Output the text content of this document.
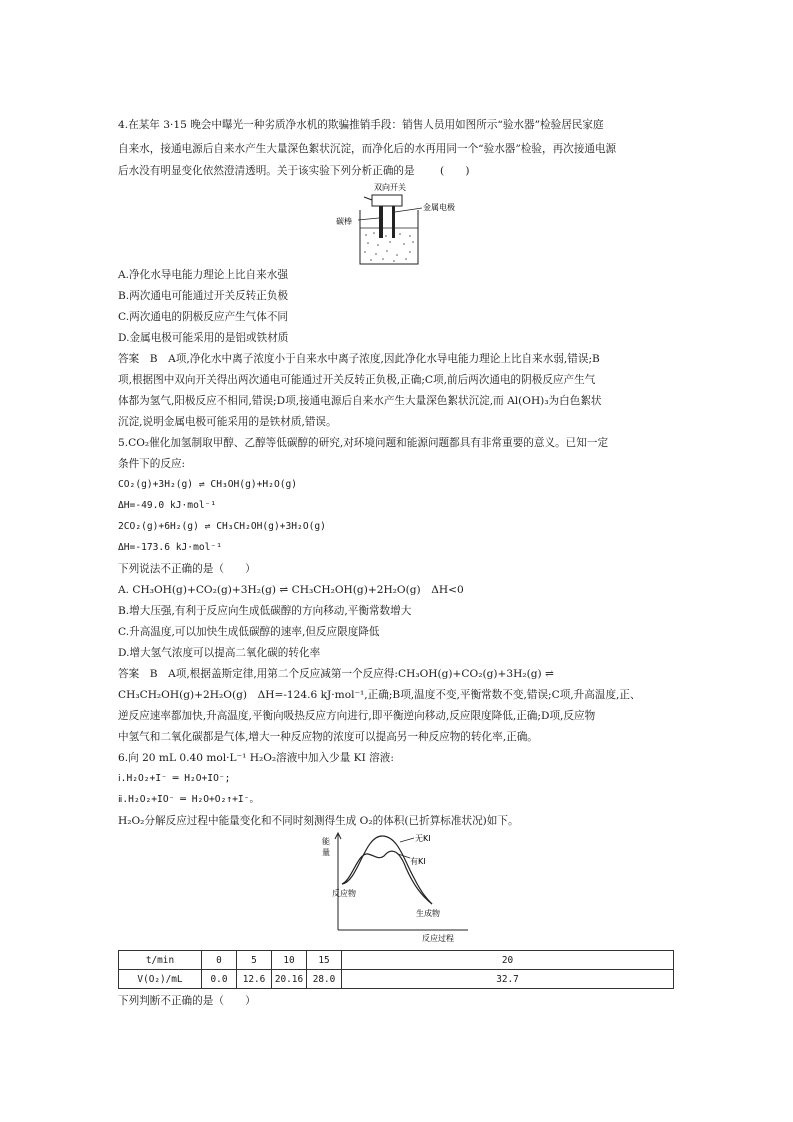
4.在某年 3·15 晚会中曝光一种劣质净水机的欺骗推销手段：销售人员用如图所示“验水器”检验居民家庭
自来水，接通电源后自来水产生大量深色絮状沉淀，而净化后的水再用同一个“验水器”检验，再次接通电源
后水没有明显变化依然澄清透明。关于该实验下列分析正确的是 (　　)
双向开关
金属电极
碳棒
A.净化水导电能力理论上比自来水强
B.两次通电可能通过开关反转正负极
C.两次通电的阴极反应产生气体不同
D.金属电极可能采用的是铝或铁材质
答案　B　A项,净化水中离子浓度小于自来水中离子浓度,因此净化水导电能力理论上比自来水弱,错误;B
项,根据图中双向开关得出两次通电可能通过开关反转正负极,正确;C项,前后两次通电的阴极反应产生气
体都为氢气,阳极反应不相同,错误;D项,接通电源后自来水产生大量深色絮状沉淀,而 Al(OH)₃为白色絮状
沉淀,说明金属电极可能采用的是铁材质,错误。
5.CO₂催化加氢制取甲醇、乙醇等低碳醇的研究,对环境问题和能源问题都具有非常重要的意义。已知一定
条件下的反应:
CO₂(g)+3H₂(g) ⇌ CH₃OH(g)+H₂O(g)
ΔH=-49.0 kJ·mol⁻¹
2CO₂(g)+6H₂(g) ⇌ CH₃CH₂OH(g)+3H₂O(g)
ΔH=-173.6 kJ·mol⁻¹
下列说法不正确的是（　　）
A. CH₃OH(g)+CO₂(g)+3H₂(g) ⇌ CH₃CH₂OH(g)+2H₂O(g)　ΔH<0
B.增大压强,有利于反应向生成低碳醇的方向移动,平衡常数增大
C.升高温度,可以加快生成低碳醇的速率,但反应限度降低
D.增大氢气浓度可以提高二氧化碳的转化率
答案　B　A项,根据盖斯定律,用第二个反应减第一个反应得:CH₃OH(g)+CO₂(g)+3H₂(g) ⇌
CH₃CH₂OH(g)+2H₂O(g)　ΔH=-124.6 kJ·mol⁻¹,正确;B项,温度不变,平衡常数不变,错误;C项,升高温度,正、
逆反应速率都加快,升高温度,平衡向吸热反应方向进行,即平衡逆向移动,反应限度降低,正确;D项,反应物
中氢气和二氧化碳都是气体,增大一种反应物的浓度可以提高另一种反应物的转化率,正确。
6.向 20 mL 0.40 mol·L⁻¹ H₂O₂溶液中加入少量 KI 溶液:
ⅰ.H₂O₂+I⁻ ═ H₂O+IO⁻;
ⅱ.H₂O₂+IO⁻ ═ H₂O+O₂↑+I⁻。
H₂O₂分解反应过程中能量变化和不同时刻测得生成 O₂的体积(已折算标准状况)如下。
能量
无KI
有KI
反应物
生成物
反应过程
t/min	0	5	10	15	20
V(O₂)/mL	0.0	12.6	20.16	28.0	32.7
下列判断不正确的是（　　）
